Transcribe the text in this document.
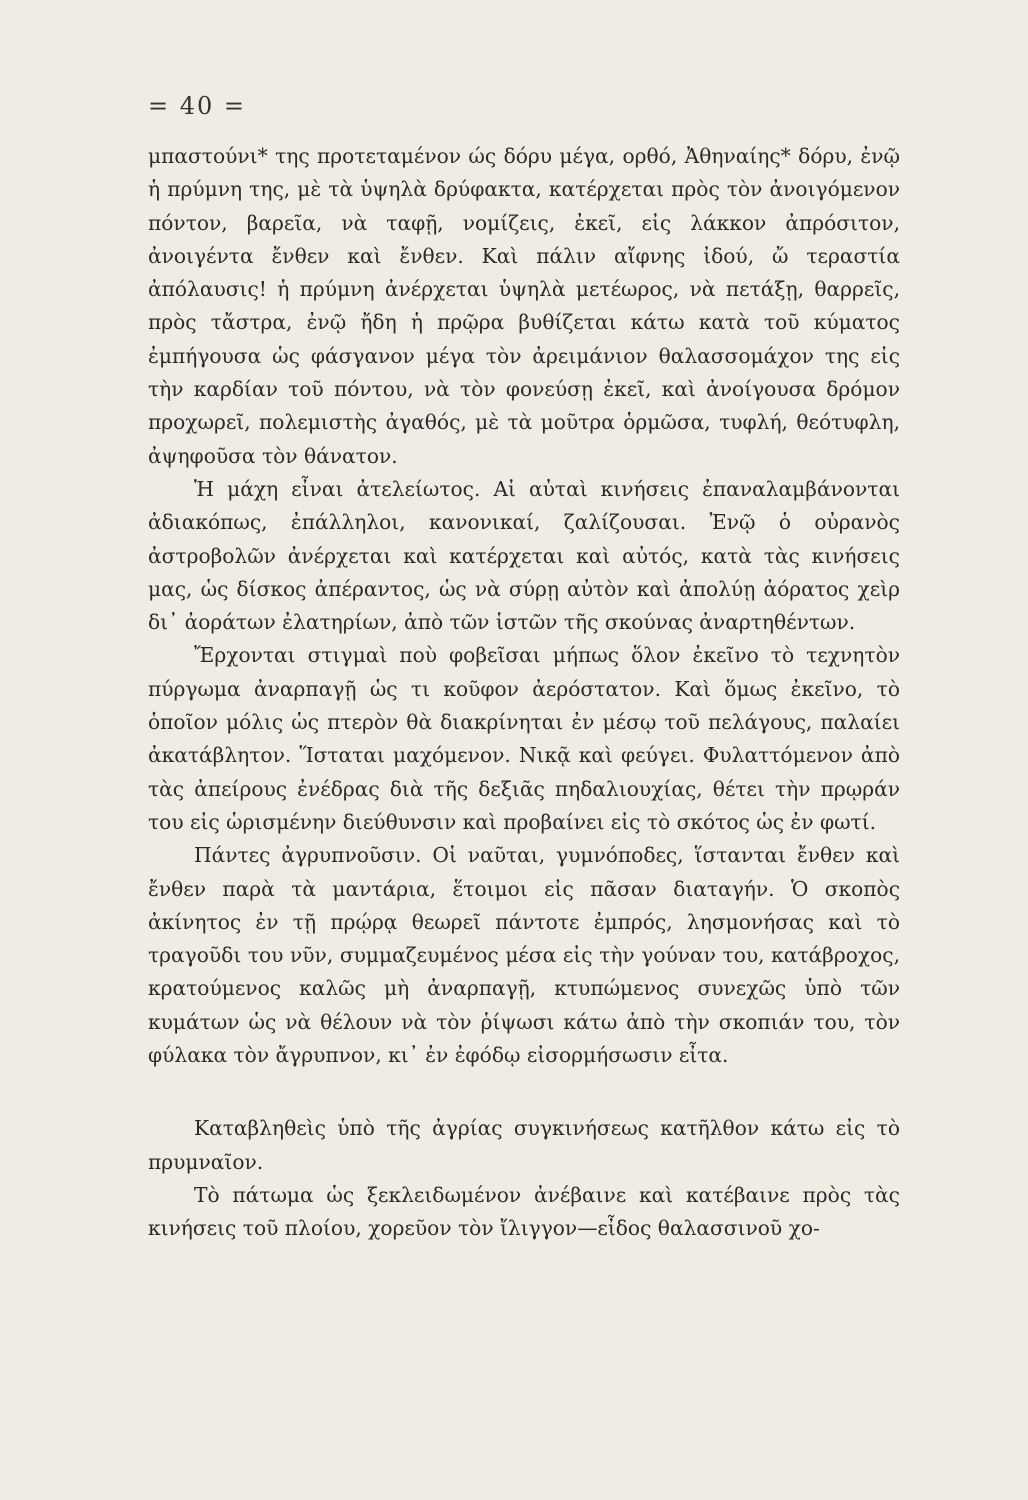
= 40 =

μπαστούνι* της προτεταμένον ώς δόρυ μέγα, ορθό, Ἀθηναίης* δόρυ, ἐνῷ ἡ πρύμνη της, μὲ τὰ ὑψηλὰ δρύφακτα, κατέρχεται πρὸς τὸν ἀνοιγόμενον πόντον, βαρεῖα, νὰ ταφῇ, νομίζεις, ἐκεῖ, εἰς λάκκον ἀπρόσιτον, ἀνοιγέντα ἔνθεν καὶ ἔνθεν. Καὶ πάλιν αἴφνης ἰδού, ὤ τεραστία ἀπόλαυσις! ἡ πρύμνη ἀνέρχεται ὑψηλὰ μετέωρος, νὰ πετάξῃ, θαρρεῖς, πρὸς τἄστρα, ἐνῷ ἤδη ἡ πρῷρα βυθίζεται κάτω κατὰ τοῦ κύματος ἐμπήγουσα ὡς φάσγανον μέγα τὸν ἀρειμάνιον θαλασσομάχον της εἰς τὴν καρδίαν τοῦ πόντου, νὰ τὸν φονεύσῃ ἐκεῖ, καὶ ἀνοίγουσα δρόμον προχωρεῖ, πολεμιστὴς ἀγαθός, μὲ τὰ μοῦτρα ὁρμῶσα, τυφλή, θεότυφλη, ἀψηφοῦσα τὸν θάνατον.

Ἡ μάχη εἶναι ἀτελείωτος. Αἱ αὐταὶ κινήσεις ἐπαναλαμβάνονται ἀδιακόπως, ἐπάλληλοι, κανονικαί, ζαλίζουσαι. Ἐνῷ ὁ οὐρανὸς ἀστροβολῶν ἀνέρχεται καὶ κατέρχεται καὶ αὐτός, κατὰ τὰς κινήσεις μας, ὡς δίσκος ἀπέραντος, ὡς νὰ σύρῃ αὐτὸν καὶ ἀπολύῃ ἀόρατος χεὶρ δι᾽ ἀοράτων ἐλατηρίων, ἀπὸ τῶν ἱστῶν τῆς σκούνας ἀναρτηθέντων.

Ἔρχονται στιγμαὶ ποὺ φοβεῖσαι μήπως ὅλον ἐκεῖνο τὸ τεχνητὸν πύργωμα ἀναρπαγῇ ὡς τι κοῦφον ἀερόστατον. Καὶ ὅμως ἐκεῖνο, τὸ ὁποῖον μόλις ὡς πτερὸν θὰ διακρίνηται ἐν μέσῳ τοῦ πελάγους, παλαίει ἀκατάβλητον. Ἵσταται μαχόμενον. Νικᾷ καὶ φεύγει. Φυλαττόμενον ἀπὸ τὰς ἀπείρους ἐνέδρας διὰ τῆς δεξιᾶς πηδαλιουχίας, θέτει τὴν πρῳράν του εἰς ὡρισμένην διεύθυνσιν καὶ προβαίνει εἰς τὸ σκότος ὡς ἐν φωτί.

Πάντες ἀγρυπνοῦσιν. Οἱ ναῦται, γυμνόποδες, ἵστανται ἔνθεν καὶ ἔνθεν παρὰ τὰ μαντάρια, ἕτοιμοι εἰς πᾶσαν διαταγήν. Ὁ σκοπὸς ἀκίνητος ἐν τῇ πρῴρᾳ θεωρεῖ πάντοτε ἐμπρός, λησμονήσας καὶ τὸ τραγοῦδι του νῦν, συμμαζευμένος μέσα εἰς τὴν γούναν του, κατάβροχος, κρατούμενος καλῶς μὴ ἀναρπαγῇ, κτυπώμενος συνεχῶς ὑπὸ τῶν κυμάτων ὡς νὰ θέλουν νὰ τὸν ῥίψωσι κάτω ἀπὸ τὴν σκοπιάν του, τὸν φύλακα τὸν ἄγρυπνον, κι᾽ ἐν ἐφόδῳ εἰσορμήσωσιν εἶτα.

Καταβληθεὶς ὑπὸ τῆς ἀγρίας συγκινήσεως κατῆλθον κάτω εἰς τὸ πρυμναῖον.

Τὸ πάτωμα ὡς ξεκλειδωμένον ἀνέβαινε καὶ κατέβαινε πρὸς τὰς κινήσεις τοῦ πλοίου, χορεῦον τὸν ἴλιγγον—εἶδος θαλασσινοῦ χο-
